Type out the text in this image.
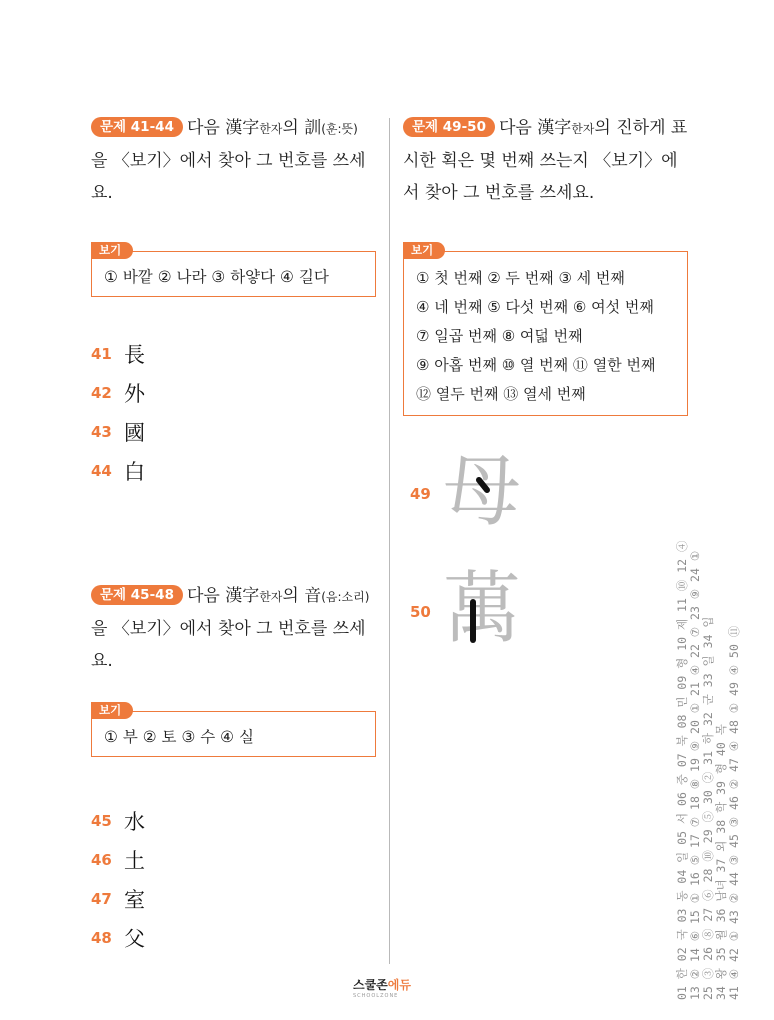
문제 41-44 다음 漢字한자의 訓(훈:뜻) 을 〈보기〉에서 찾아 그 번호를 쓰세요.
보기
① 바깥 ② 나라 ③ 하얗다 ④ 길다
41 長
42 外
43 國
44 白
문제 45-48 다음 漢字한자의 音(음:소리)을 〈보기〉에서 찾아 그 번호를 쓰세요.
보기
① 부 ② 토 ③ 수 ④ 실
45 水
46 土
47 室
48 父
문제 49-50 다음 漢字한자의 진하게 표시한 획은 몇 번째 쓰는지 〈보기〉에서 찾아 그 번호를 쓰세요.
보기
① 첫 번째 ② 두 번째 ③ 세 번째
④ 네 번째 ⑤ 다섯 번째 ⑥ 여섯 번째
⑦ 일곱 번째 ⑧ 여덟 번째
⑨ 아홉 번째 ⑩ 열 번째 ⑪ 열한 번째
⑫ 열두 번째 ⑬ 열세 번째
49 母
50 萬	01 한 02 국 03 동 04 일 05 서 06 중 07 북 08 민 09 형 10 제 11 ⑩ 12 ④ 13 ② 14 ⑥ 15 ① 16 ⑤ 17 ⑦ 18 ⑧ 19 ⑨ 20 ① 21 ④ 22 ⑦ 23 ⑨ 24 ① 25 ③ 26 ⑧ 27 ⑥ 28 ⑩ 29 ⑤ 30 ② 31 하 32 군 33 일 34 입 34 왕 35 월 36 남녀 37 외 38 학 39 형 40 목 41 ④ 42 ① 43 ② 44 ③ 45 ③ 46 ② 47 ④ 48 ① 49 ④ 50 ⑪
스쿨존에듀
SCHOOLZONE
